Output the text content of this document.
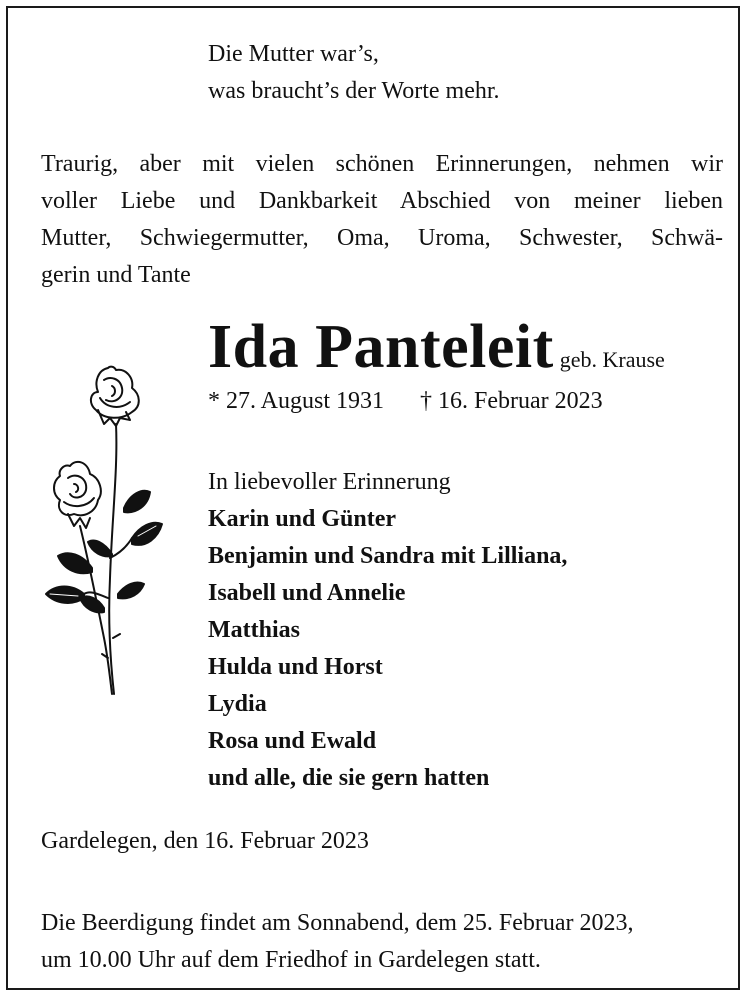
Die Mutter war’s,
was braucht’s der Worte mehr.
Traurig, aber mit vielen schönen Erinnerungen, nehmen wir
voller Liebe und Dankbarkeit Abschied von meiner lieben
Mutter, Schwiegermutter, Oma, Uroma, Schwester, Schwä-
gerin und Tante
Ida Panteleit geb. Krause
* 27. August 1931 † 16. Februar 2023
In liebevoller Erinnerung
Karin und Günter
Benjamin und Sandra mit Lilliana,
Isabell und Annelie
Matthias
Hulda und Horst
Lydia
Rosa und Ewald
und alle, die sie gern hatten
Gardelegen, den 16. Februar 2023
Die Beerdigung findet am Sonnabend, dem 25. Februar 2023,
um 10.00 Uhr auf dem Friedhof in Gardelegen statt.
